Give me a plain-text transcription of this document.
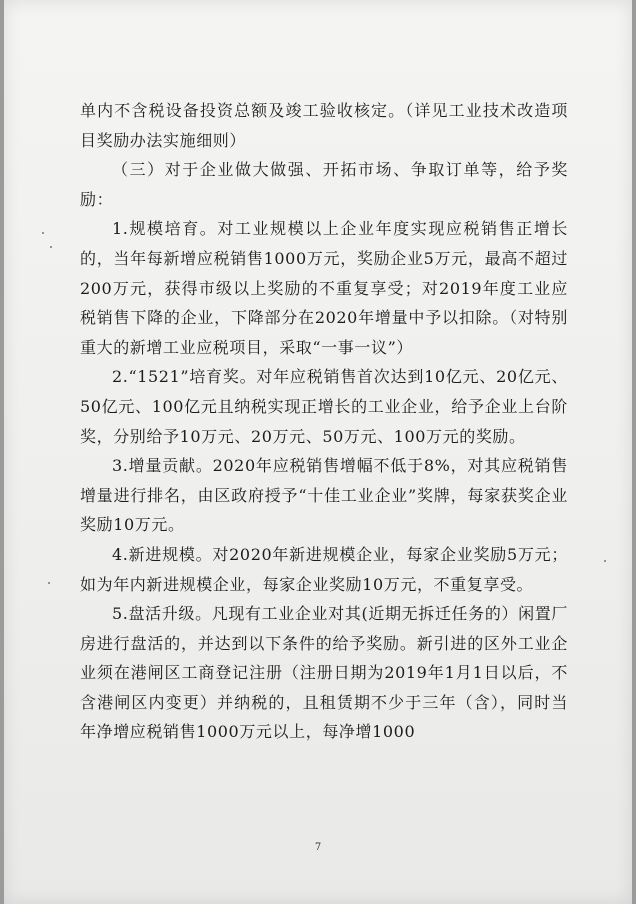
单内不含税设备投资总额及竣工验收核定。（详见工业技术改造项目奖励办法实施细则）

（三）对于企业做大做强、开拓市场、争取订单等，给予奖励：

1.规模培育。对工业规模以上企业年度实现应税销售正增长的，当年每新增应税销售1000万元，奖励企业5万元，最高不超过200万元，获得市级以上奖励的不重复享受；对2019年度工业应税销售下降的企业，下降部分在2020年增量中予以扣除。（对特别重大的新增工业应税项目，采取“一事一议”）

2.“1521”培育奖。对年应税销售首次达到10亿元、20亿元、50亿元、100亿元且纳税实现正增长的工业企业，给予企业上台阶奖，分别给予10万元、20万元、50万元、100万元的奖励。

3.增量贡献。2020年应税销售增幅不低于8%，对其应税销售增量进行排名，由区政府授予“十佳工业企业”奖牌，每家获奖企业奖励10万元。

4.新进规模。对2020年新进规模企业，每家企业奖励5万元；如为年内新进规模企业，每家企业奖励10万元，不重复享受。

5.盘活升级。凡现有工业企业对其(近期无拆迁任务的）闲置厂房进行盘活的，并达到以下条件的给予奖励。新引进的区外工业企业须在港闸区工商登记注册（注册日期为2019年1月1日以后，不含港闸区内变更）并纳税的，且租赁期不少于三年（含），同时当年净增应税销售1000万元以上，每净增1000

7
